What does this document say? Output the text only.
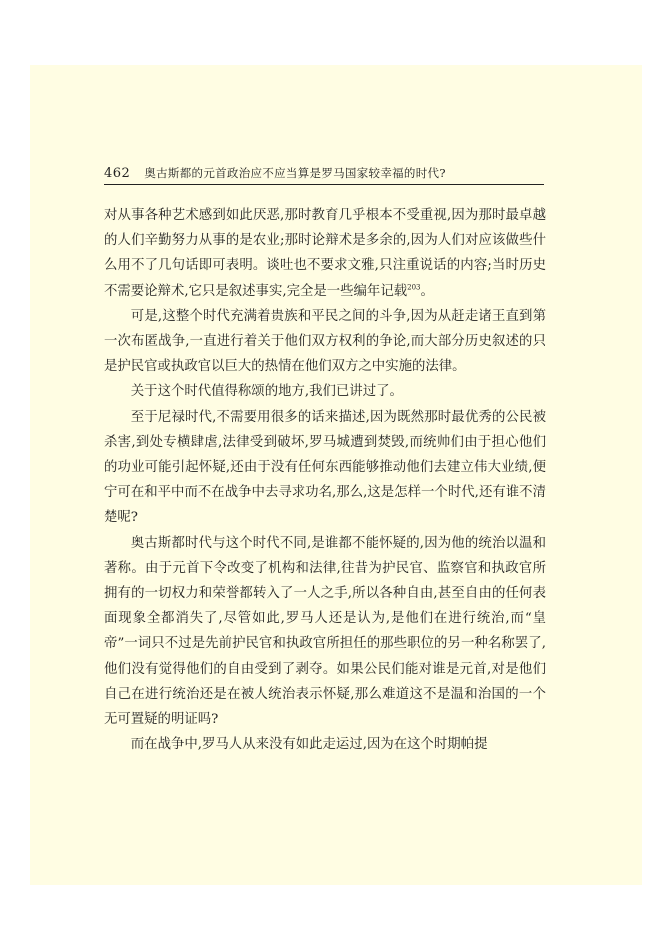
462 奥古斯都的元首政治应不应当算是罗马国家较幸福的时代?

对从事各种艺术感到如此厌恶,那时教育几乎根本不受重视,因为那时最卓越的人们辛勤努力从事的是农业;那时论辩术是多余的,因为人们对应该做些什么用不了几句话即可表明。谈吐也不要求文雅,只注重说话的内容;当时历史不需要论辩术,它只是叙述事实,完全是一些编年记载$^{203}$。

可是,这整个时代充满着贵族和平民之间的斗争,因为从赶走诸王直到第一次布匿战争,一直进行着关于他们双方权利的争论,而大部分历史叙述的只是护民官或执政官以巨大的热情在他们双方之中实施的法律。

关于这个时代值得称颂的地方,我们已讲过了。

至于尼禄时代,不需要用很多的话来描述,因为既然那时最优秀的公民被杀害,到处专横肆虐,法律受到破坏,罗马城遭到焚毁,而统帅们由于担心他们的功业可能引起怀疑,还由于没有任何东西能够推动他们去建立伟大业绩,便宁可在和平中而不在战争中去寻求功名,那么,这是怎样一个时代,还有谁不清楚呢?

奥古斯都时代与这个时代不同,是谁都不能怀疑的,因为他的统治以温和著称。由于元首下令改变了机构和法律,往昔为护民官、监察官和执政官所拥有的一切权力和荣誉都转入了一人之手,所以各种自由,甚至自由的任何表面现象全都消失了,尽管如此,罗马人还是认为,是他们在进行统治,而“皇帝”一词只不过是先前护民官和执政官所担任的那些职位的另一种名称罢了,他们没有觉得他们的自由受到了剥夺。如果公民们能对谁是元首,对是他们自己在进行统治还是在被人统治表示怀疑,那么难道这不是温和治国的一个无可置疑的明证吗?

而在战争中,罗马人从来没有如此走运过,因为在这个时期帕提
